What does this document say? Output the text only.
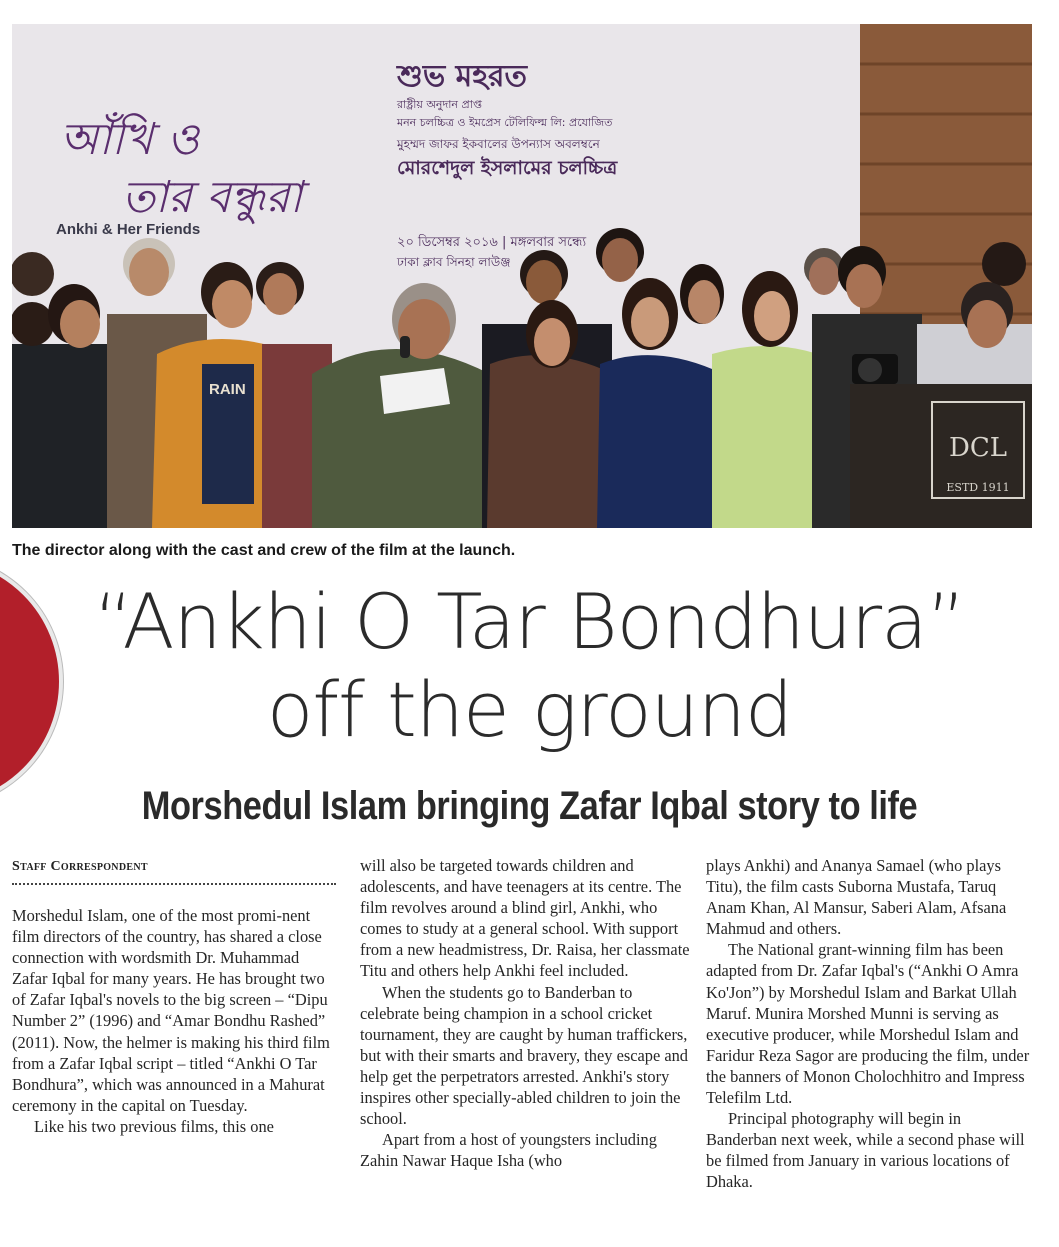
শুভ মহরত
রাষ্ট্রীয় অনুদান প্রাপ্ত
মনন চলচ্চিত্র ও ইমপ্রেস টেলিফিল্ম লি: প্রযোজিত
মুহম্মদ জাফর ইকবালের উপন্যাস অবলম্বনে
মোরশেদুল ইসলামের চলচ্চিত্র
২০ ডিসেম্বর ২০১৬ | মঙ্গলবার সন্ধ্যে
ঢাকা ক্লাব সিনহা লাউঞ্জ
আঁখি ও
তার বন্ধুরা
Ankhi & Her Friends
RAIN
DCL
ESTD 1911
The director along with the cast and crew of the film at the launch.
“Ankhi O Tar Bondhura”
off the ground
Morshedul Islam bringing Zafar Iqbal story to life
Staff Correspondent

Morshedul Islam, one of the most promi-nent film directors of the country, has shared a close connection with wordsmith Dr. Muhammad Zafar Iqbal for many years. He has brought two of Zafar Iqbal's novels to the big screen – “Dipu Number 2” (1996) and “Amar Bondhu Rashed” (2011). Now, the helmer is making his third film from a Zafar Iqbal script – titled “Ankhi O Tar Bondhura”, which was announced in a Mahurat ceremony in the capital on Tuesday.

Like his two previous films, this one

will also be targeted towards children and adolescents, and have teenagers at its centre. The film revolves around a blind girl, Ankhi, who comes to study at a general school. With support from a new headmistress, Dr. Raisa, her classmate Titu and others help Ankhi feel included.

When the students go to Banderban to celebrate being champion in a school cricket tournament, they are caught by human traffickers, but with their smarts and bravery, they escape and help get the perpetrators arrested. Ankhi's story inspires other specially-abled children to join the school.

Apart from a host of youngsters including Zahin Nawar Haque Isha (who

plays Ankhi) and Ananya Samael (who plays Titu), the film casts Suborna Mustafa, Taruq Anam Khan, Al Mansur, Saberi Alam, Afsana Mahmud and others.

The National grant-winning film has been adapted from Dr. Zafar Iqbal's (“Ankhi O Amra Ko'Jon”) by Morshedul Islam and Barkat Ullah Maruf. Munira Morshed Munni is serving as executive producer, while Morshedul Islam and Faridur Reza Sagor are producing the film, under the banners of Monon Cholochhitro and Impress Telefilm Ltd.

Principal photography will begin in Banderban next week, while a second phase will be filmed from January in various locations of Dhaka.
